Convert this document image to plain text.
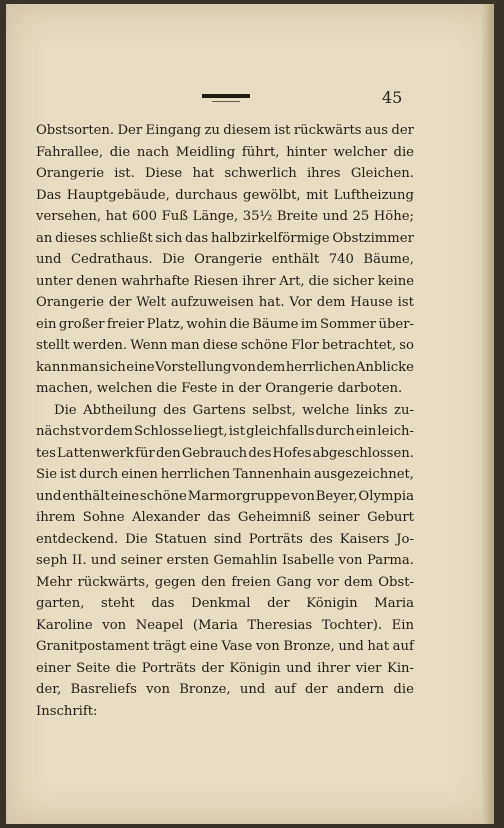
45
Obstsorten. Der Eingang zu diesem ist rückwärts aus der
Fahrallee, die nach Meidling führt, hinter welcher die
Orangerie ist. Diese hat schwerlich ihres Gleichen.
Das Hauptgebäude, durchaus gewölbt, mit Luftheizung
versehen, hat 600 Fuß Länge, 35½ Breite und 25 Höhe;
an dieses schließt sich das halbzirkelförmige Obstzimmer
und Cedrathaus. Die Orangerie enthält 740 Bäume,
unter denen wahrhafte Riesen ihrer Art, die sicher keine
Orangerie der Welt aufzuweisen hat. Vor dem Hause ist
ein großer freier Platz, wohin die Bäume im Sommer über-
stellt werden. Wenn man diese schöne Flor betrachtet, so
kann man sich eine Vorstellung von dem herrlichen Anblicke
machen, welchen die Feste in der Orangerie darboten.
Die Abtheilung des Gartens selbst, welche links zu-
nächst vor dem Schlosse liegt, ist gleichfalls durch ein leich-
tes Lattenwerk für den Gebrauch des Hofes abgeschlossen.
Sie ist durch einen herrlichen Tannenhain ausgezeichnet,
und enthält eine schöne Marmorgruppe von Beyer, Olympia
ihrem Sohne Alexander das Geheimniß seiner Geburt
entdeckend. Die Statuen sind Porträts des Kaisers Jo-
seph II. und seiner ersten Gemahlin Isabelle von Parma.
Mehr rückwärts, gegen den freien Gang vor dem Obst-
garten, steht das Denkmal der Königin Maria
Karoline von Neapel (Maria Theresias Tochter). Ein
Granitpostament trägt eine Vase von Bronze, und hat auf
einer Seite die Porträts der Königin und ihrer vier Kin-
der, Basreliefs von Bronze, und auf der andern die
Inschrift:
